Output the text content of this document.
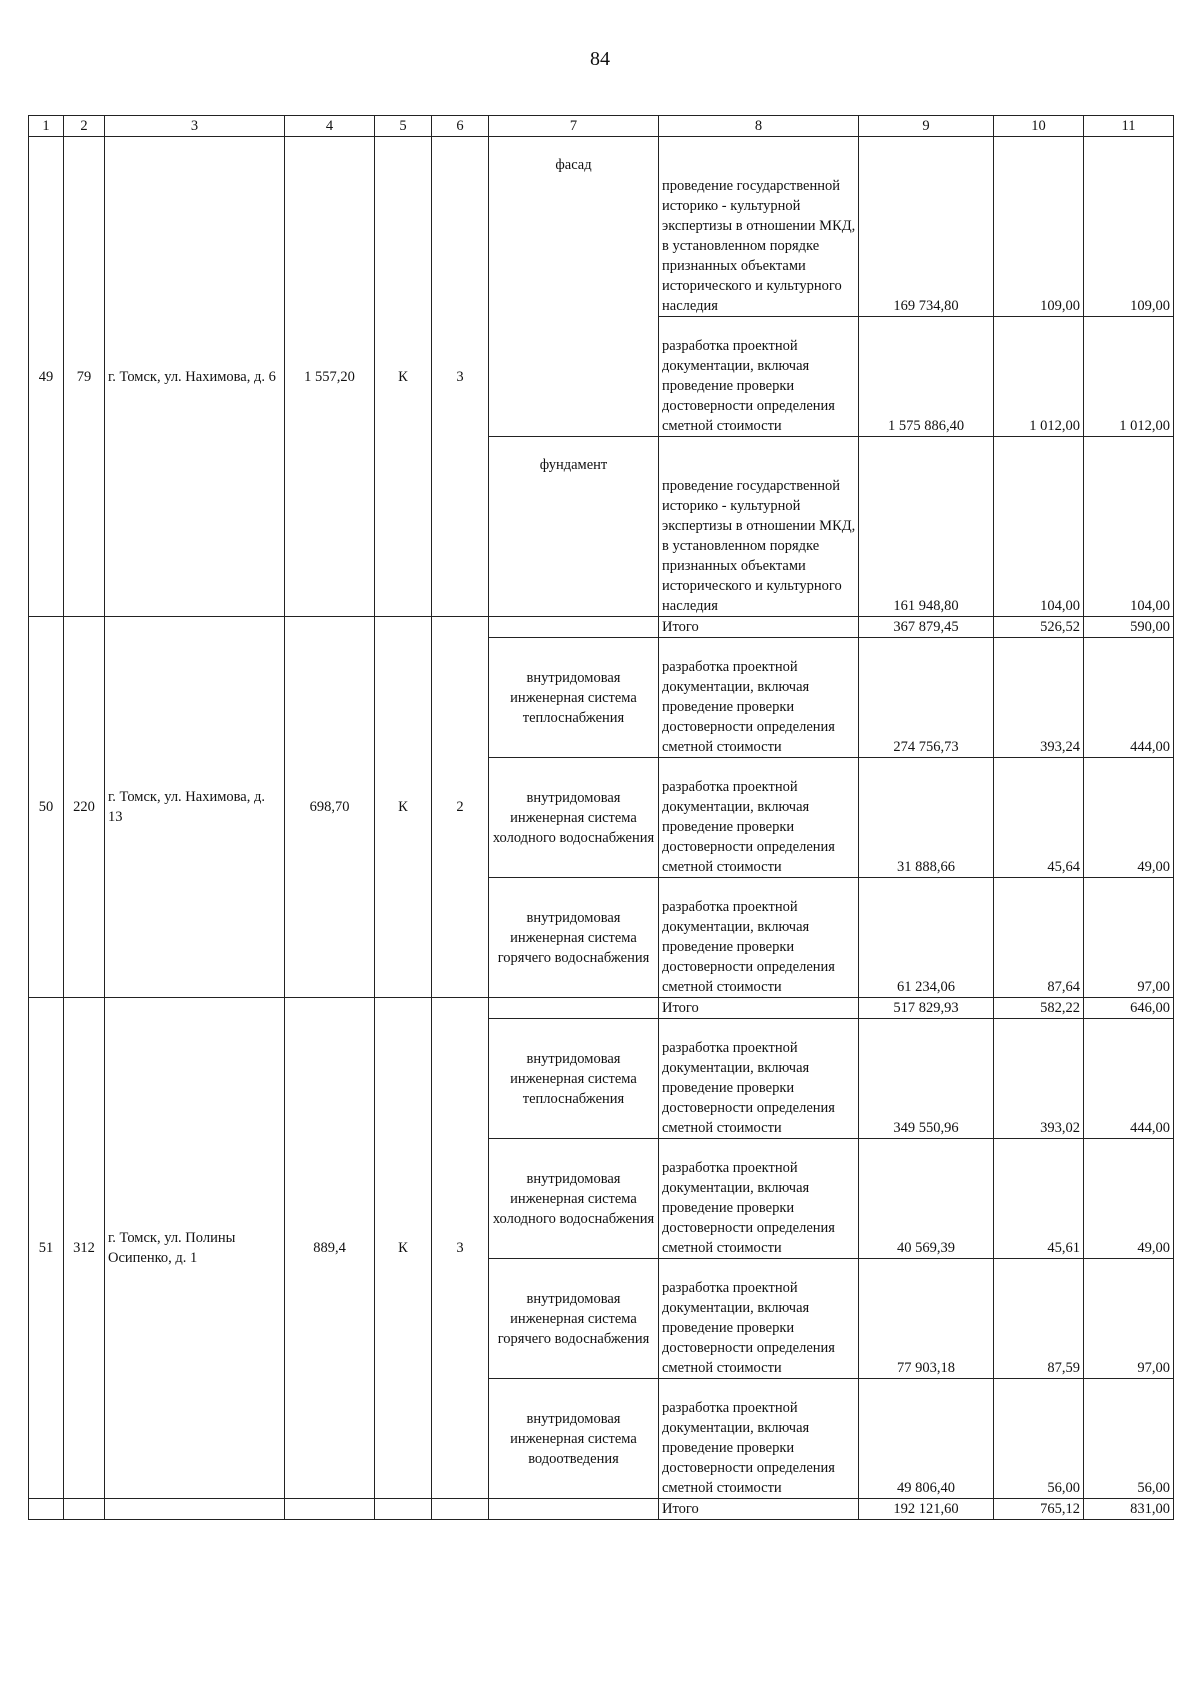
84
1	2	3	4	5	6	7	8	9	10	11
49	79	г. Томск, ул. Нахимова, д. 6	1 557,20	К	3	фасад	проведение государственной историко - культурной экспертизы в отношении МКД, в установленном порядке признанных объектами исторического и культурного наследия	169 734,80	109,00	109,00
							разработка проектной документации, включая проведение проверки достоверности определения сметной стоимости	1 575 886,40	1 012,00	1 012,00
						фундамент	проведение государственной историко - культурной экспертизы в отношении МКД, в установленном порядке признанных объектами исторического и культурного наследия	161 948,80	104,00	104,00
50	220	г. Томск, ул. Нахимова, д. 13	698,70	К	2		Итого	367 879,45	526,52	590,00
						внутридомовая инженерная система теплоснабжения	разработка проектной документации, включая проведение проверки достоверности определения сметной стоимости	274 756,73	393,24	444,00
						внутридомовая инженерная система холодного водоснабжения	разработка проектной документации, включая проведение проверки достоверности определения сметной стоимости	31 888,66	45,64	49,00
						внутридомовая инженерная система горячего водоснабжения	разработка проектной документации, включая проведение проверки достоверности определения сметной стоимости	61 234,06	87,64	97,00
51	312	г. Томск, ул. Полины Осипенко, д. 1	889,4	К	3		Итого	517 829,93	582,22	646,00
						внутридомовая инженерная система теплоснабжения	разработка проектной документации, включая проведение проверки достоверности определения сметной стоимости	349 550,96	393,02	444,00
						внутридомовая инженерная система холодного водоснабжения	разработка проектной документации, включая проведение проверки достоверности определения сметной стоимости	40 569,39	45,61	49,00
						внутридомовая инженерная система горячего водоснабжения	разработка проектной документации, включая проведение проверки достоверности определения сметной стоимости	77 903,18	87,59	97,00
						внутридомовая инженерная система водоотведения	разработка проектной документации, включая проведение проверки достоверности определения сметной стоимости	49 806,40	56,00	56,00
							Итого	192 121,60	765,12	831,00
